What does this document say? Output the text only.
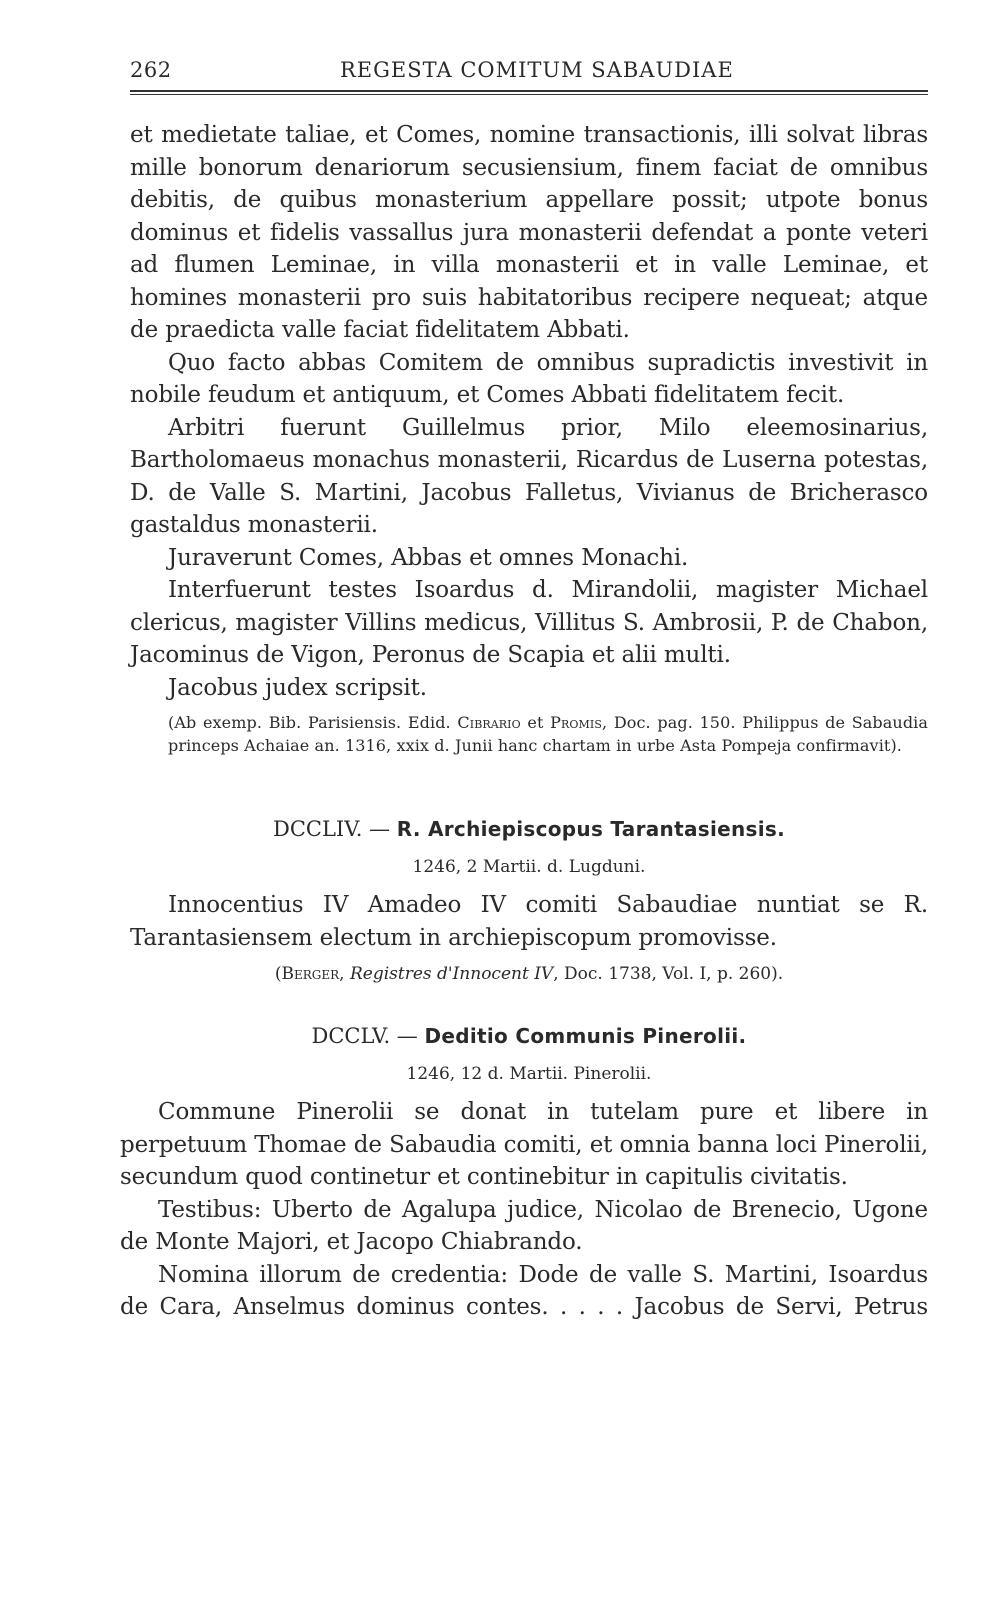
262	REGESTA COMITUM SABAUDIAE

et medietate taliae, et Comes, nomine transactionis, illi solvat libras mille bonorum denariorum secusiensium, finem faciat de omnibus debitis, de quibus monasterium appellare possit; utpote bonus dominus et fidelis vassallus jura monasterii defendat a ponte veteri ad flumen Leminae, in villa monasterii et in valle Leminae, et homines monasterii pro suis habitatoribus recipere nequeat; atque de praedicta valle faciat fidelitatem Abbati.

Quo facto abbas Comitem de omnibus supradictis investivit in nobile feudum et antiquum, et Comes Abbati fidelitatem fecit.

Arbitri fuerunt Guillelmus prior, Milo eleemosinarius, Bartholomaeus monachus monasterii, Ricardus de Luserna potestas, D. de Valle S. Martini, Jacobus Falletus, Vivianus de Bricherasco gastaldus monasterii.

Juraverunt Comes, Abbas et omnes Monachi.

Interfuerunt testes Isoardus d. Mirandolii, magister Michael clericus, magister Villins medicus, Villitus S. Ambrosii, P. de Chabon, Jacominus de Vigon, Peronus de Scapia et alii multi.

Jacobus judex scripsit.

(Ab exemp. Bib. Parisiensis. Edid. Cibrario et Promis, Doc. pag. 150. Philippus de Sabaudia princeps Achaiae an. 1316, xxix d. Junii hanc chartam in urbe Asta Pompeja confirmavit).

DCCLIV. — R. Archiepiscopus Tarantasiensis.
1246, 2 Martii. d. Lugduni.

Innocentius IV Amadeo IV comiti Sabaudiae nuntiat se R. Tarantasiensem electum in archiepiscopum promovisse.

(Berger, Registres d'Innocent IV, Doc. 1738, Vol. I, p. 260).
DCCLV. — Deditio Communis Pinerolii.
1246, 12 d. Martii. Pinerolii.

Commune Pinerolii se donat in tutelam pure et libere in perpetuum Thomae de Sabaudia comiti, et omnia banna loci Pinerolii, secundum quod continetur et continebitur in capitulis civitatis.

Testibus: Uberto de Agalupa judice, Nicolao de Brenecio, Ugone de Monte Majori, et Jacopo Chiabrando.

Nomina illorum de credentia: Dode de valle S. Martini, Isoardus de Cara, Anselmus dominus contes. . . . . Jacobus de Servi, Petrus
